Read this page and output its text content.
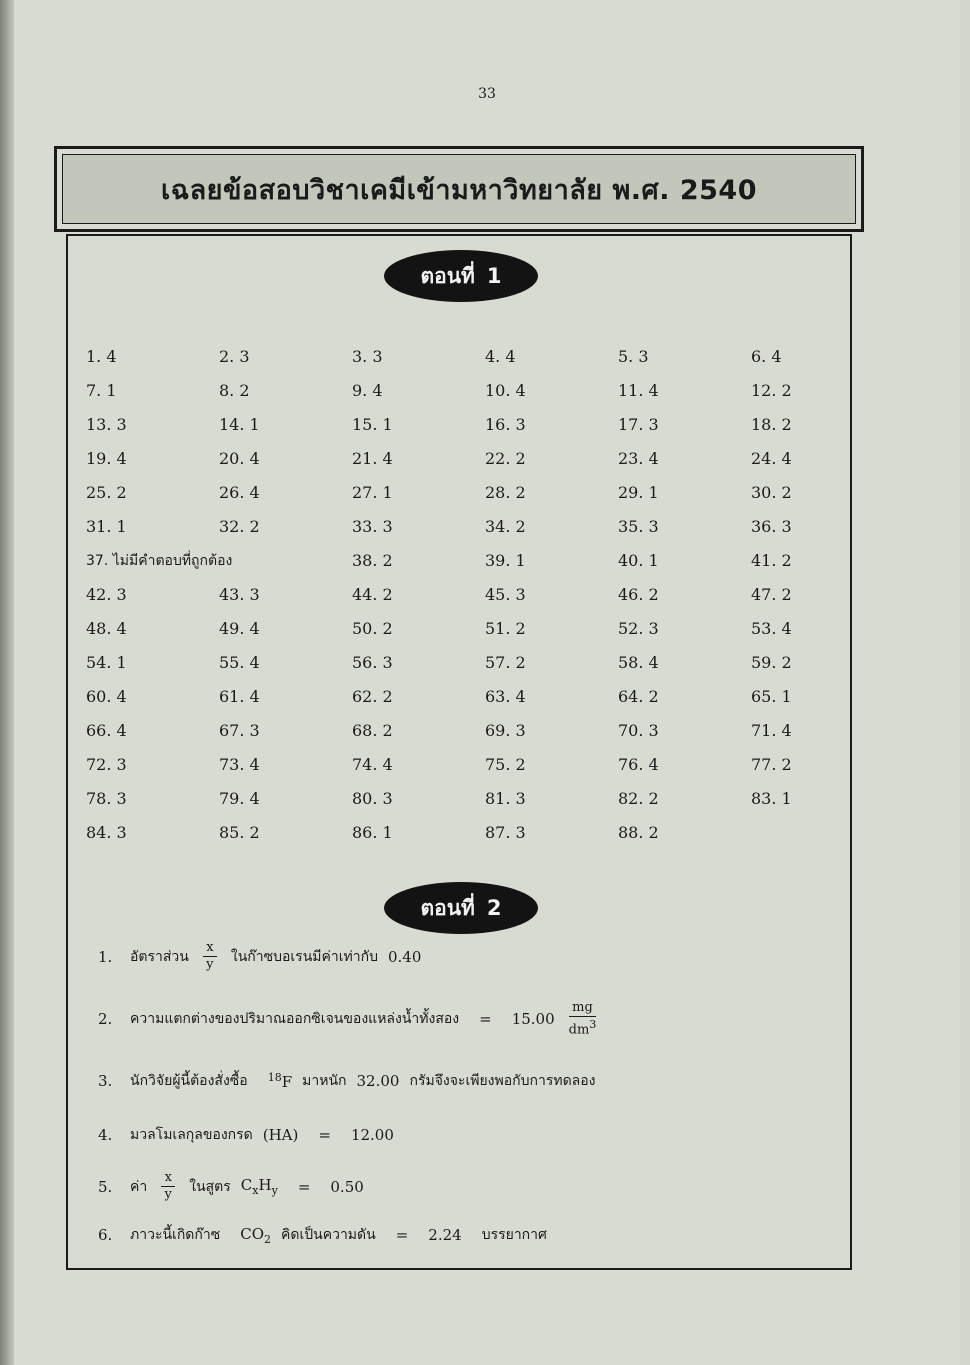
33
เฉลยข้อสอบวิชาเคมีเข้ามหาวิทยาลัย พ.ศ. 2540
ตอนที่ 1
1. 4	2. 3	3. 3	4. 4	5. 3	6. 4
7. 1	8. 2	9. 4	10. 4	11. 4	12. 2
13. 3	14. 1	15. 1	16. 3	17. 3	18. 2
19. 4	20. 4	21. 4	22. 2	23. 4	24. 4
25. 2	26. 4	27. 1	28. 2	29. 1	30. 2
31. 1	32. 2	33. 3	34. 2	35. 3	36. 3
37. ไม่มีคำตอบที่ถูกต้อง	38. 2	39. 1	40. 1	41. 2
42. 3	43. 3	44. 2	45. 3	46. 2	47. 2
48. 4	49. 4	50. 2	51. 2	52. 3	53. 4
54. 1	55. 4	56. 3	57. 2	58. 4	59. 2
60. 4	61. 4	62. 2	63. 4	64. 2	65. 1
66. 4	67. 3	68. 2	69. 3	70. 3	71. 4
72. 3	73. 4	74. 4	75. 2	76. 4	77. 2
78. 3	79. 4	80. 3	81. 3	82. 2	83. 1
84. 3	85. 2	86. 1	87. 3	88. 2
ตอนที่ 2
1.	อัตราส่วน $\frac{x}{y}$ ในก๊าซบอเรนมีค่าเท่ากับ 0.40
2.	ความแตกต่างของปริมาณออกซิเจนของแหล่งน้ำทั้งสอง = $15.00 \frac{mg}{dm^3}$
3.	นักวิจัยผู้นี้ต้องสั่งซื้อ $^{18}$F มาหนัก 32.00 กรัมจึงจะเพียงพอกับการทดลอง
4.	มวลโมเลกุลของกรด (HA) = 12.00
5.	ค่า $\frac{x}{y}$ ในสูตร $C_xH_y = 0.50$
6.	ภาวะนี้เกิดก๊าซ $CO_2$ คิดเป็นความดัน = 2.24 บรรยากาศ
